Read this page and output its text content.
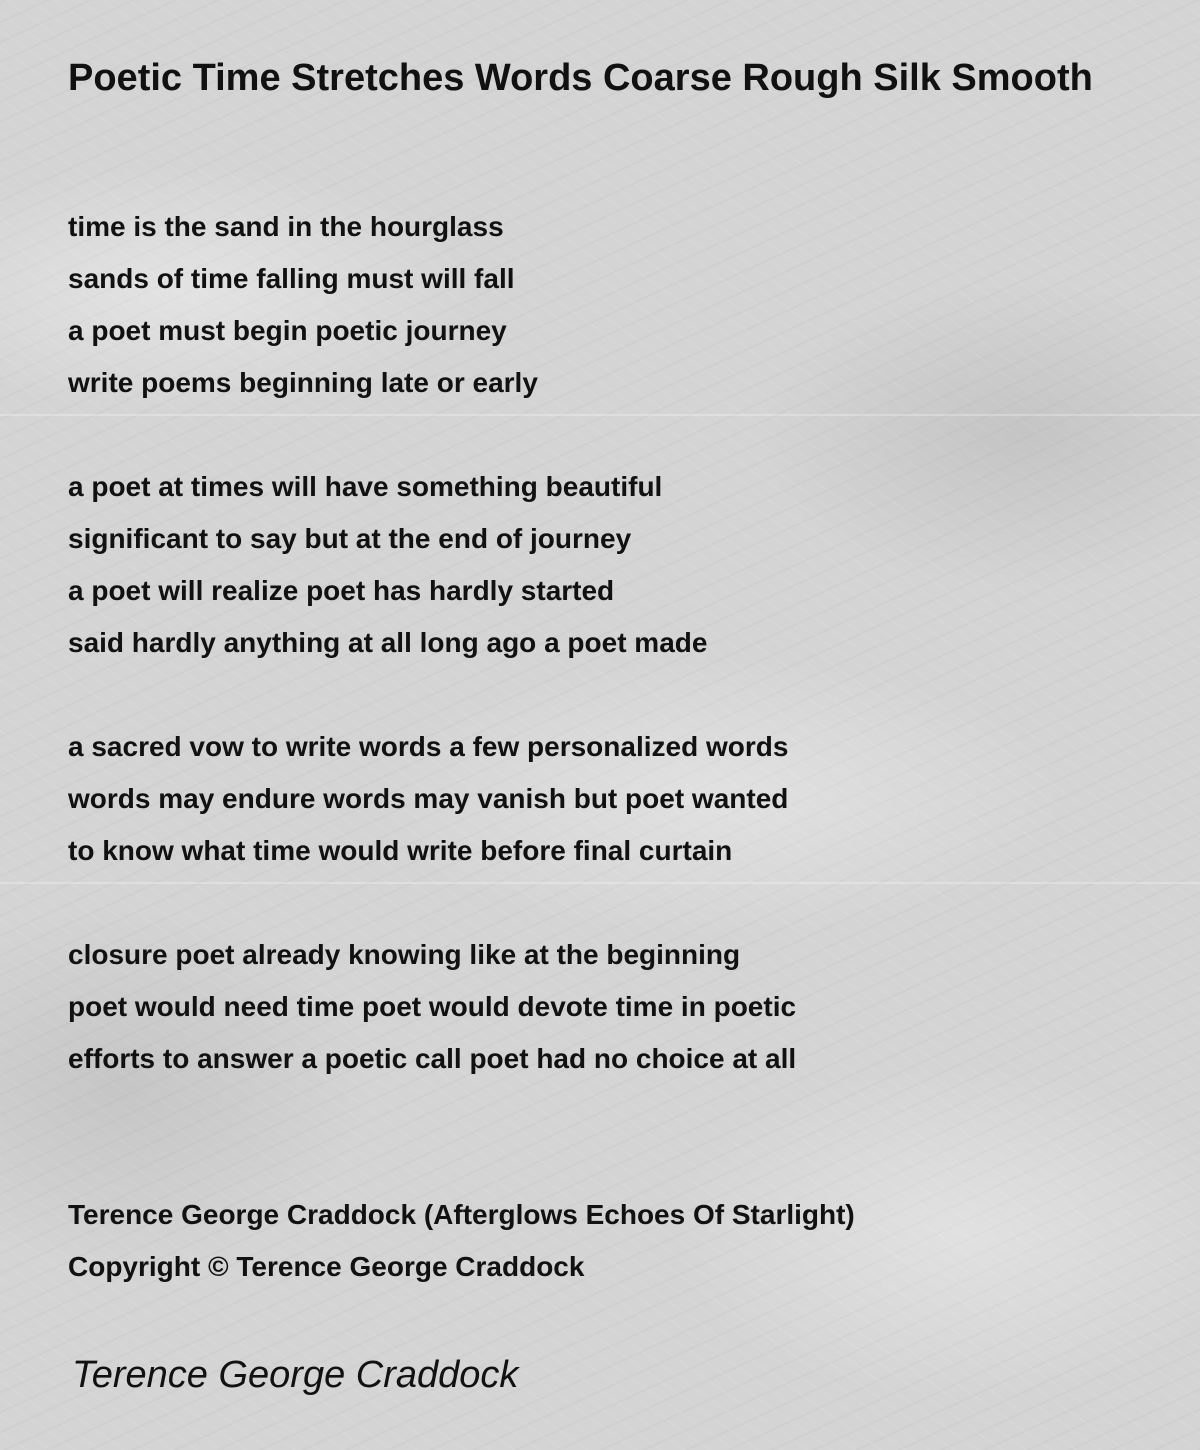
Poetic Time Stretches Words Coarse Rough Silk Smooth
time is the sand in the hourglass
sands of time falling must will fall
a poet must begin poetic journey
write poems beginning late or early
a poet at times will have something beautiful
significant to say but at the end of journey
a poet will realize poet has hardly started
said hardly anything at all long ago a poet made
a sacred vow to write words a few personalized words
words may endure words may vanish but poet wanted
to know what time would write before final curtain
closure poet already knowing like at the beginning
poet would need time poet would devote time in poetic
efforts to answer a poetic call poet had no choice at all
Terence George Craddock (Afterglows Echoes Of Starlight)
Copyright © Terence George Craddock
Terence George Craddock
